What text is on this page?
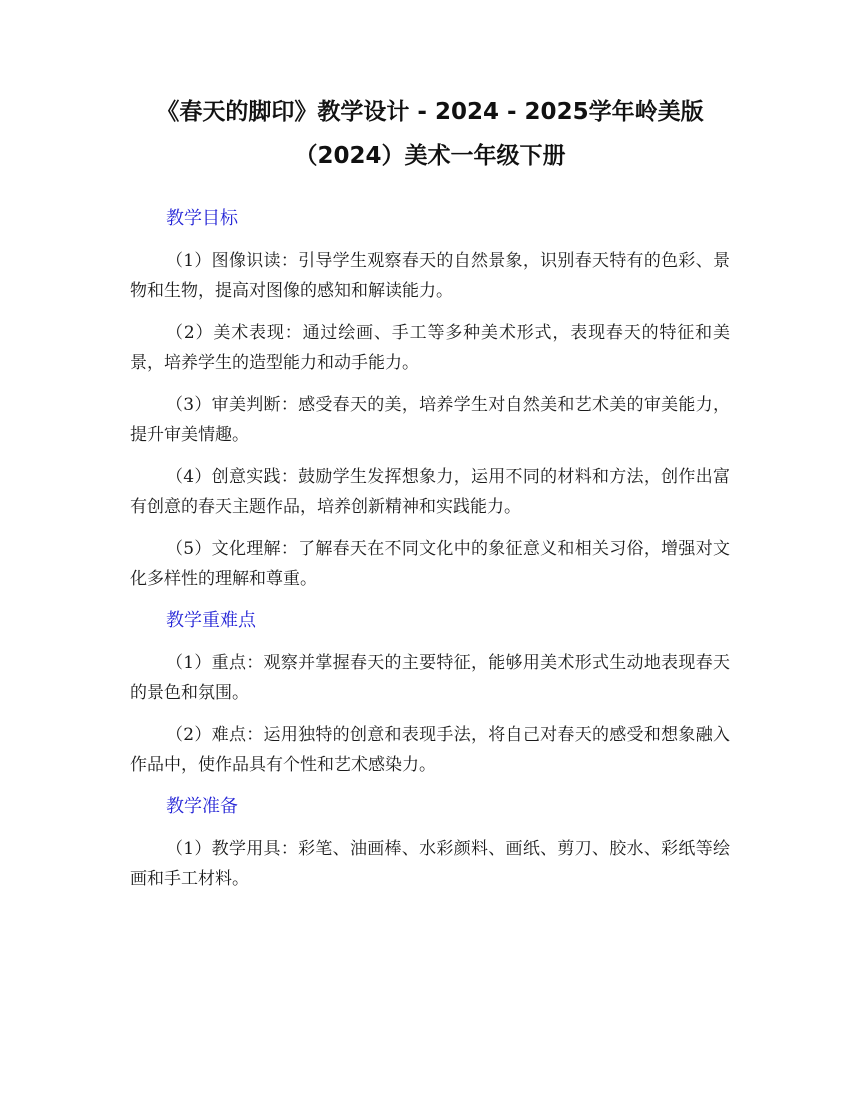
《春天的脚印》教学设计 - 2024 - 2025学年岭美版
（2024）美术一年级下册
教学目标

（1）图像识读：引导学生观察春天的自然景象，识别春天特有的色彩、景物和生物，提高对图像的感知和解读能力。

（2）美术表现：通过绘画、手工等多种美术形式，表现春天的特征和美景，培养学生的造型能力和动手能力。

（3）审美判断：感受春天的美，培养学生对自然美和艺术美的审美能力，提升审美情趣。

（4）创意实践：鼓励学生发挥想象力，运用不同的材料和方法，创作出富有创意的春天主题作品，培养创新精神和实践能力。

（5）文化理解：了解春天在不同文化中的象征意义和相关习俗，增强对文化多样性的理解和尊重。

教学重难点

（1）重点：观察并掌握春天的主要特征，能够用美术形式生动地表现春天的景色和氛围。

（2）难点：运用独特的创意和表现手法，将自己对春天的感受和想象融入作品中，使作品具有个性和艺术感染力。

教学准备

（1）教学用具：彩笔、油画棒、水彩颜料、画纸、剪刀、胶水、彩纸等绘画和手工材料。
